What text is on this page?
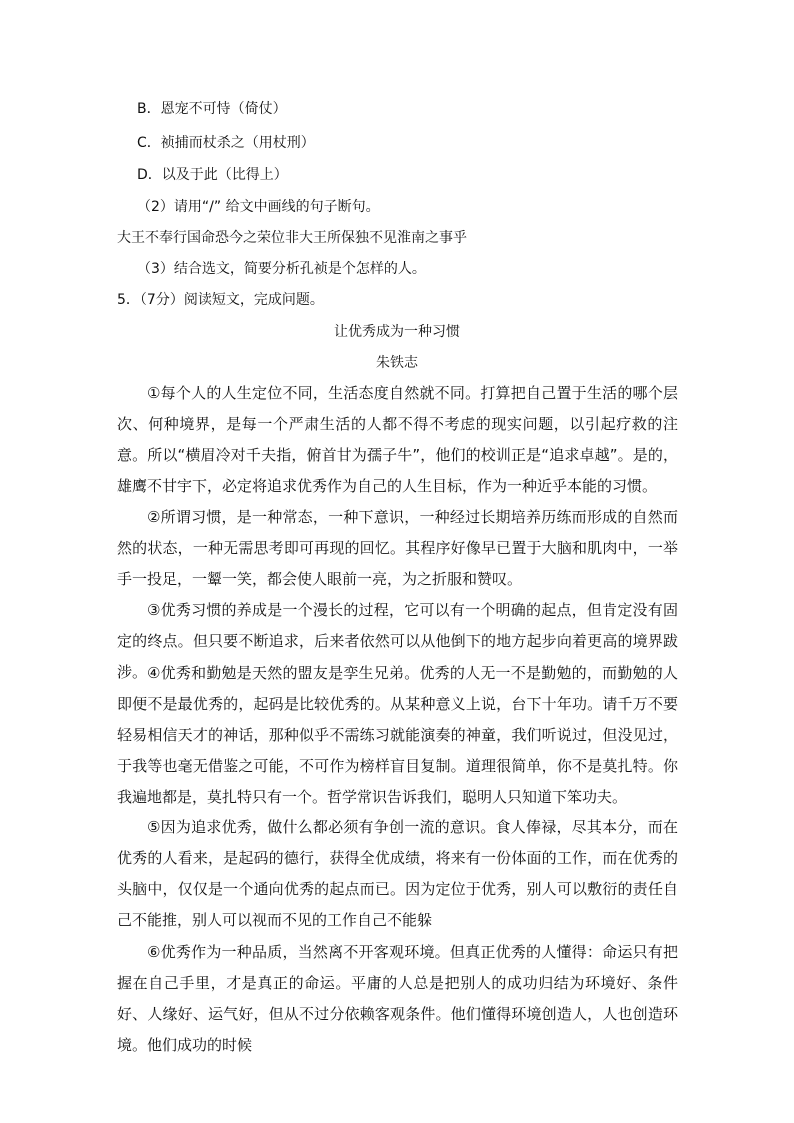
B．恩宠不可恃（倚仗）
C．祯捕而杖杀之（用杖刑）
D．以及于此（比得上）
（2）请用“/” 给文中画线的句子断句。
大王不奉行国命恐今之荣位非大王所保独不见淮南之事乎
（3）结合选文，简要分析孔祯是个怎样的人。
5．（7分）阅读短文，完成问题。
让优秀成为一种习惯
朱铁志
①每个人的人生定位不同，生活态度自然就不同。打算把自己置于生活的哪个层次、何种境界，是每一个严肃生活的人都不得不考虑的现实问题，以引起疗救的注意。所以“横眉冷对千夫指，俯首甘为孺子牛”，他们的校训正是“追求卓越”。是的，雄鹰不甘宇下，必定将追求优秀作为自己的人生目标，作为一种近乎本能的习惯。
②所谓习惯，是一种常态，一种下意识，一种经过长期培养历练而形成的自然而然的状态，一种无需思考即可再现的回忆。其程序好像早已置于大脑和肌肉中，一举手一投足，一颦一笑，都会使人眼前一亮，为之折服和赞叹。
③优秀习惯的养成是一个漫长的过程，它可以有一个明确的起点，但肯定没有固定的终点。但只要不断追求，后来者依然可以从他倒下的地方起步向着更高的境界跋涉。 ④优秀和勤勉是天然的盟友是孪生兄弟。优秀的人无一不是勤勉的，而勤勉的人即便不是最优秀的，起码是比较优秀的。从某种意义上说，台下十年功。请千万不要轻易相信天才的神话，那种似乎不需练习就能演奏的神童，我们听说过，但没见过，于我等也毫无借鉴之可能，不可作为榜样盲目复制。道理很简单，你不是莫扎特。你我遍地都是，莫扎特只有一个。哲学常识告诉我们，聪明人只知道下笨功夫。
⑤因为追求优秀，做什么都必须有争创一流的意识。食人俸禄，尽其本分，而在优秀的人看来，是起码的德行，获得全优成绩，将来有一份体面的工作，而在优秀的头脑中，仅仅是一个通向优秀的起点而已。因为定位于优秀，别人可以敷衍的责任自己不能推，别人可以视而不见的工作自己不能躲
⑥优秀作为一种品质，当然离不开客观环境。但真正优秀的人懂得：命运只有把握在自己手里，才是真正的命运。平庸的人总是把别人的成功归结为环境好、条件好、人缘好、运气好，但从不过分依赖客观条件。他们懂得环境创造人，人也创造环境。他们成功的时候
